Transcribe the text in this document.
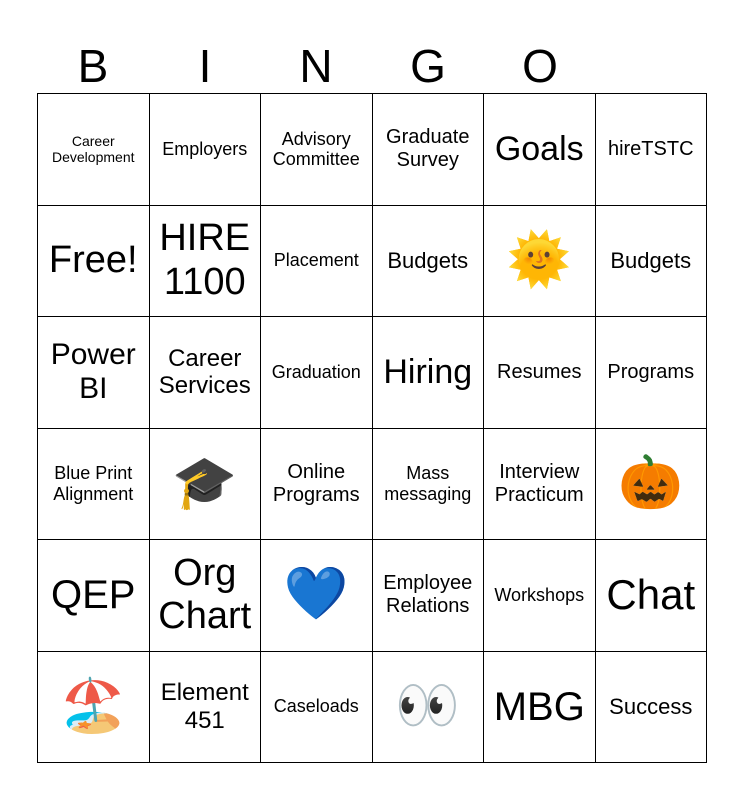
B	I	N	G	O
Career Development	Employers	Advisory Committee	Graduate Survey	Goals	hireTSTC
Free!	HIRE 1100	Placement	Budgets	🌞	Budgets
Power BI	Career Services	Graduation	Hiring	Resumes	Programs
Blue Print Alignment	🎓	Online Programs	Mass messaging	Interview Practicum	🎃
QEP	Org Chart	💙	Employee Relations	Workshops	Chat
🏖️	Element 451	Caseloads	👀	MBG	Success
